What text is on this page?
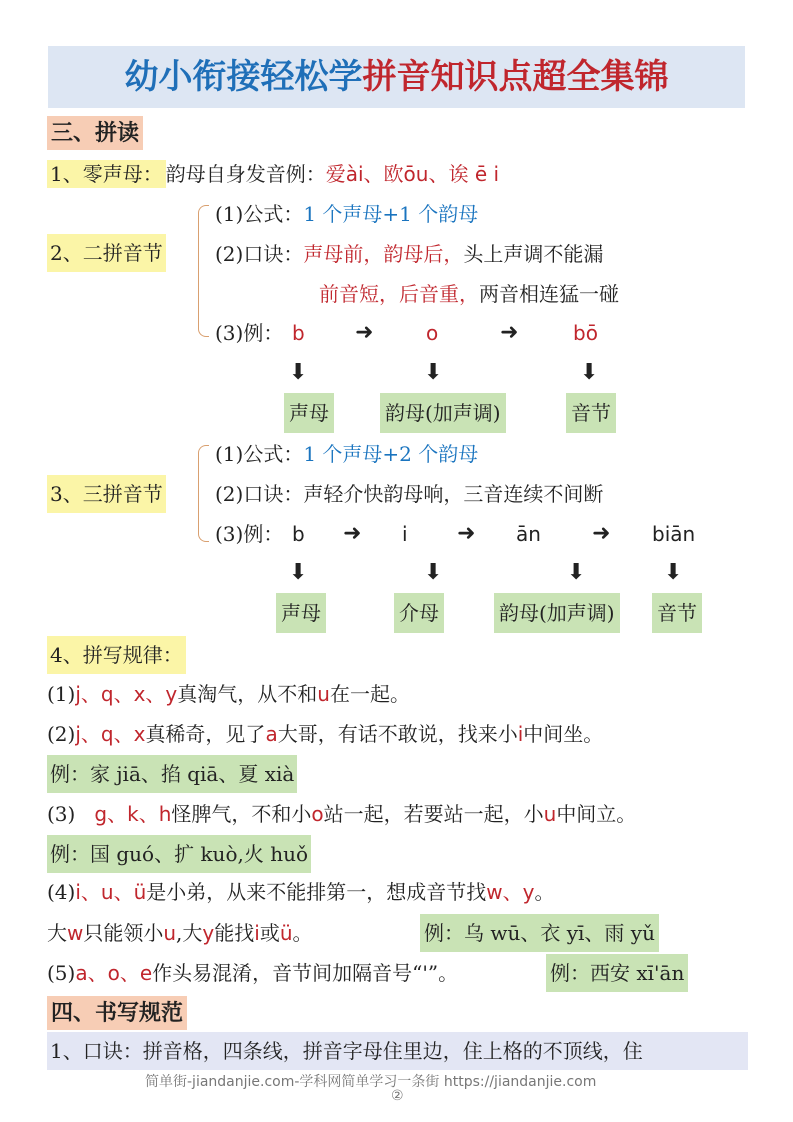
幼小衔接轻松学拼音知识点超全集锦
三、拼读
1、零声母： 韵母自身发音例：爱ài、欧ōu、诶 ē i
2、二拼音节
(1)公式：1 个声母+1 个韵母
(2)口诀：声母前，韵母后，头上声调不能漏
前音短，后音重，两音相连猛一碰
(3)例： b ➜	o	➜	bō
⬇	⬇	⬇
声母	韵母(加声调)	音节
3、三拼音节
(1)公式：1 个声母+2 个韵母
(2)口诀：声轻介快韵母响，三音连续不间断
(3)例： b ➜ i ➜ ān ➜ biān
⬇	⬇	⬇	⬇
声母	介母	韵母(加声调) 音节
4、拼写规律：
(1)j、q、x、y真淘气，从不和u在一起。
(2)j、q、x真稀奇，见了a大哥，有话不敢说，找来小i中间坐。
例：家 jiā、掐 qiā、夏 xià
(3) g、k、h怪脾气，不和小o站一起，若要站一起，小u中间立。
例：国 guó、扩 kuò,火 huǒ
(4)i、u、ü是小弟，从来不能排第一，想成音节找w、y。
大w只能领小u,大y能找i或ü。	例：乌 wū、衣 yī、雨 yǔ
(5)a、o、e作头易混淆，音节间加隔音号“'”。	例：西安 xī'ān
四、书写规范
1、口诀：拼音格，四条线，拼音字母住里边，住上格的不顶线，住
简单街-jiandanjie.com-学科网简单学习一条街 https://jiandanjie.com
②
